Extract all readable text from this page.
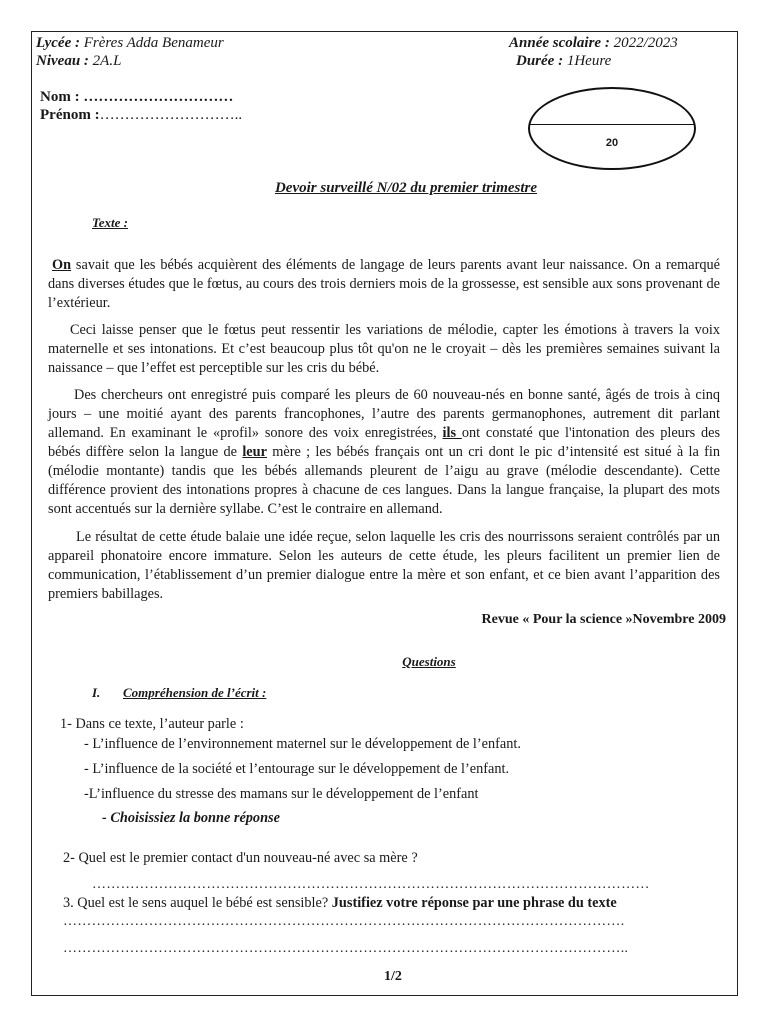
Lycée : Frères Adda Benameur
Niveau : 2A.L
Année scolaire : 2022/2023
Durée : 1Heure
Nom : …………………………
Prénom :………………………..
20
Devoir surveillé N/02 du premier trimestre
Texte :
On savait que les bébés acquièrent des éléments de langage de leurs parents avant leur naissance. On a remarqué dans diverses études que le fœtus, au cours des trois derniers mois de la grossesse, est sensible aux sons provenant de l’extérieur.
Ceci laisse penser que le fœtus peut ressentir les variations de mélodie, capter les émotions à travers la voix maternelle et ses intonations. Et c’est beaucoup plus tôt qu'on ne le croyait – dès les premières semaines suivant la naissance – que l’effet est perceptible sur les cris du bébé.
Des chercheurs ont enregistré puis comparé les pleurs de 60 nouveau-nés en bonne santé, âgés de trois à cinq jours – une moitié ayant des parents francophones, l’autre des parents germanophones, autrement dit parlant allemand. En examinant le «profil» sonore des voix enregistrées, ils ont constaté que l'intonation des pleurs des bébés diffère selon la langue de leur mère ; les bébés français ont un cri dont le pic d’intensité est situé à la fin (mélodie montante) tandis que les bébés allemands pleurent de l’aigu au grave (mélodie descendante). Cette différence provient des intonations propres à chacune de ces langues. Dans la langue française, la plupart des mots sont accentués sur la dernière syllabe. C’est le contraire en allemand.
Le résultat de cette étude balaie une idée reçue, selon laquelle les cris des nourrissons seraient contrôlés par un appareil phonatoire encore immature. Selon les auteurs de cette étude, les pleurs facilitent un premier lien de communication, l’établissement d’un premier dialogue entre la mère et son enfant, et ce bien avant l’apparition des premiers babillages.
Revue « Pour la science »Novembre 2009
Questions
I. Compréhension de l’écrit :
1- Dans ce texte, l’auteur parle :
- L’influence de l’environnement maternel sur le développement de l’enfant.
- L’influence de la société et l’entourage sur le développement de l’enfant.
-L’influence du stresse des mamans sur le développement de l’enfant
- Choisissiez la bonne réponse
2- Quel est le premier contact d'un nouveau-né avec sa mère ?
………………………………………………………………………………………………………
3. Quel est le sens auquel le bébé est sensible? Justifiez votre réponse par une phrase du texte
……………………………………………………………………………………………………….
………………………………………………………………………………………………………..
1/2
